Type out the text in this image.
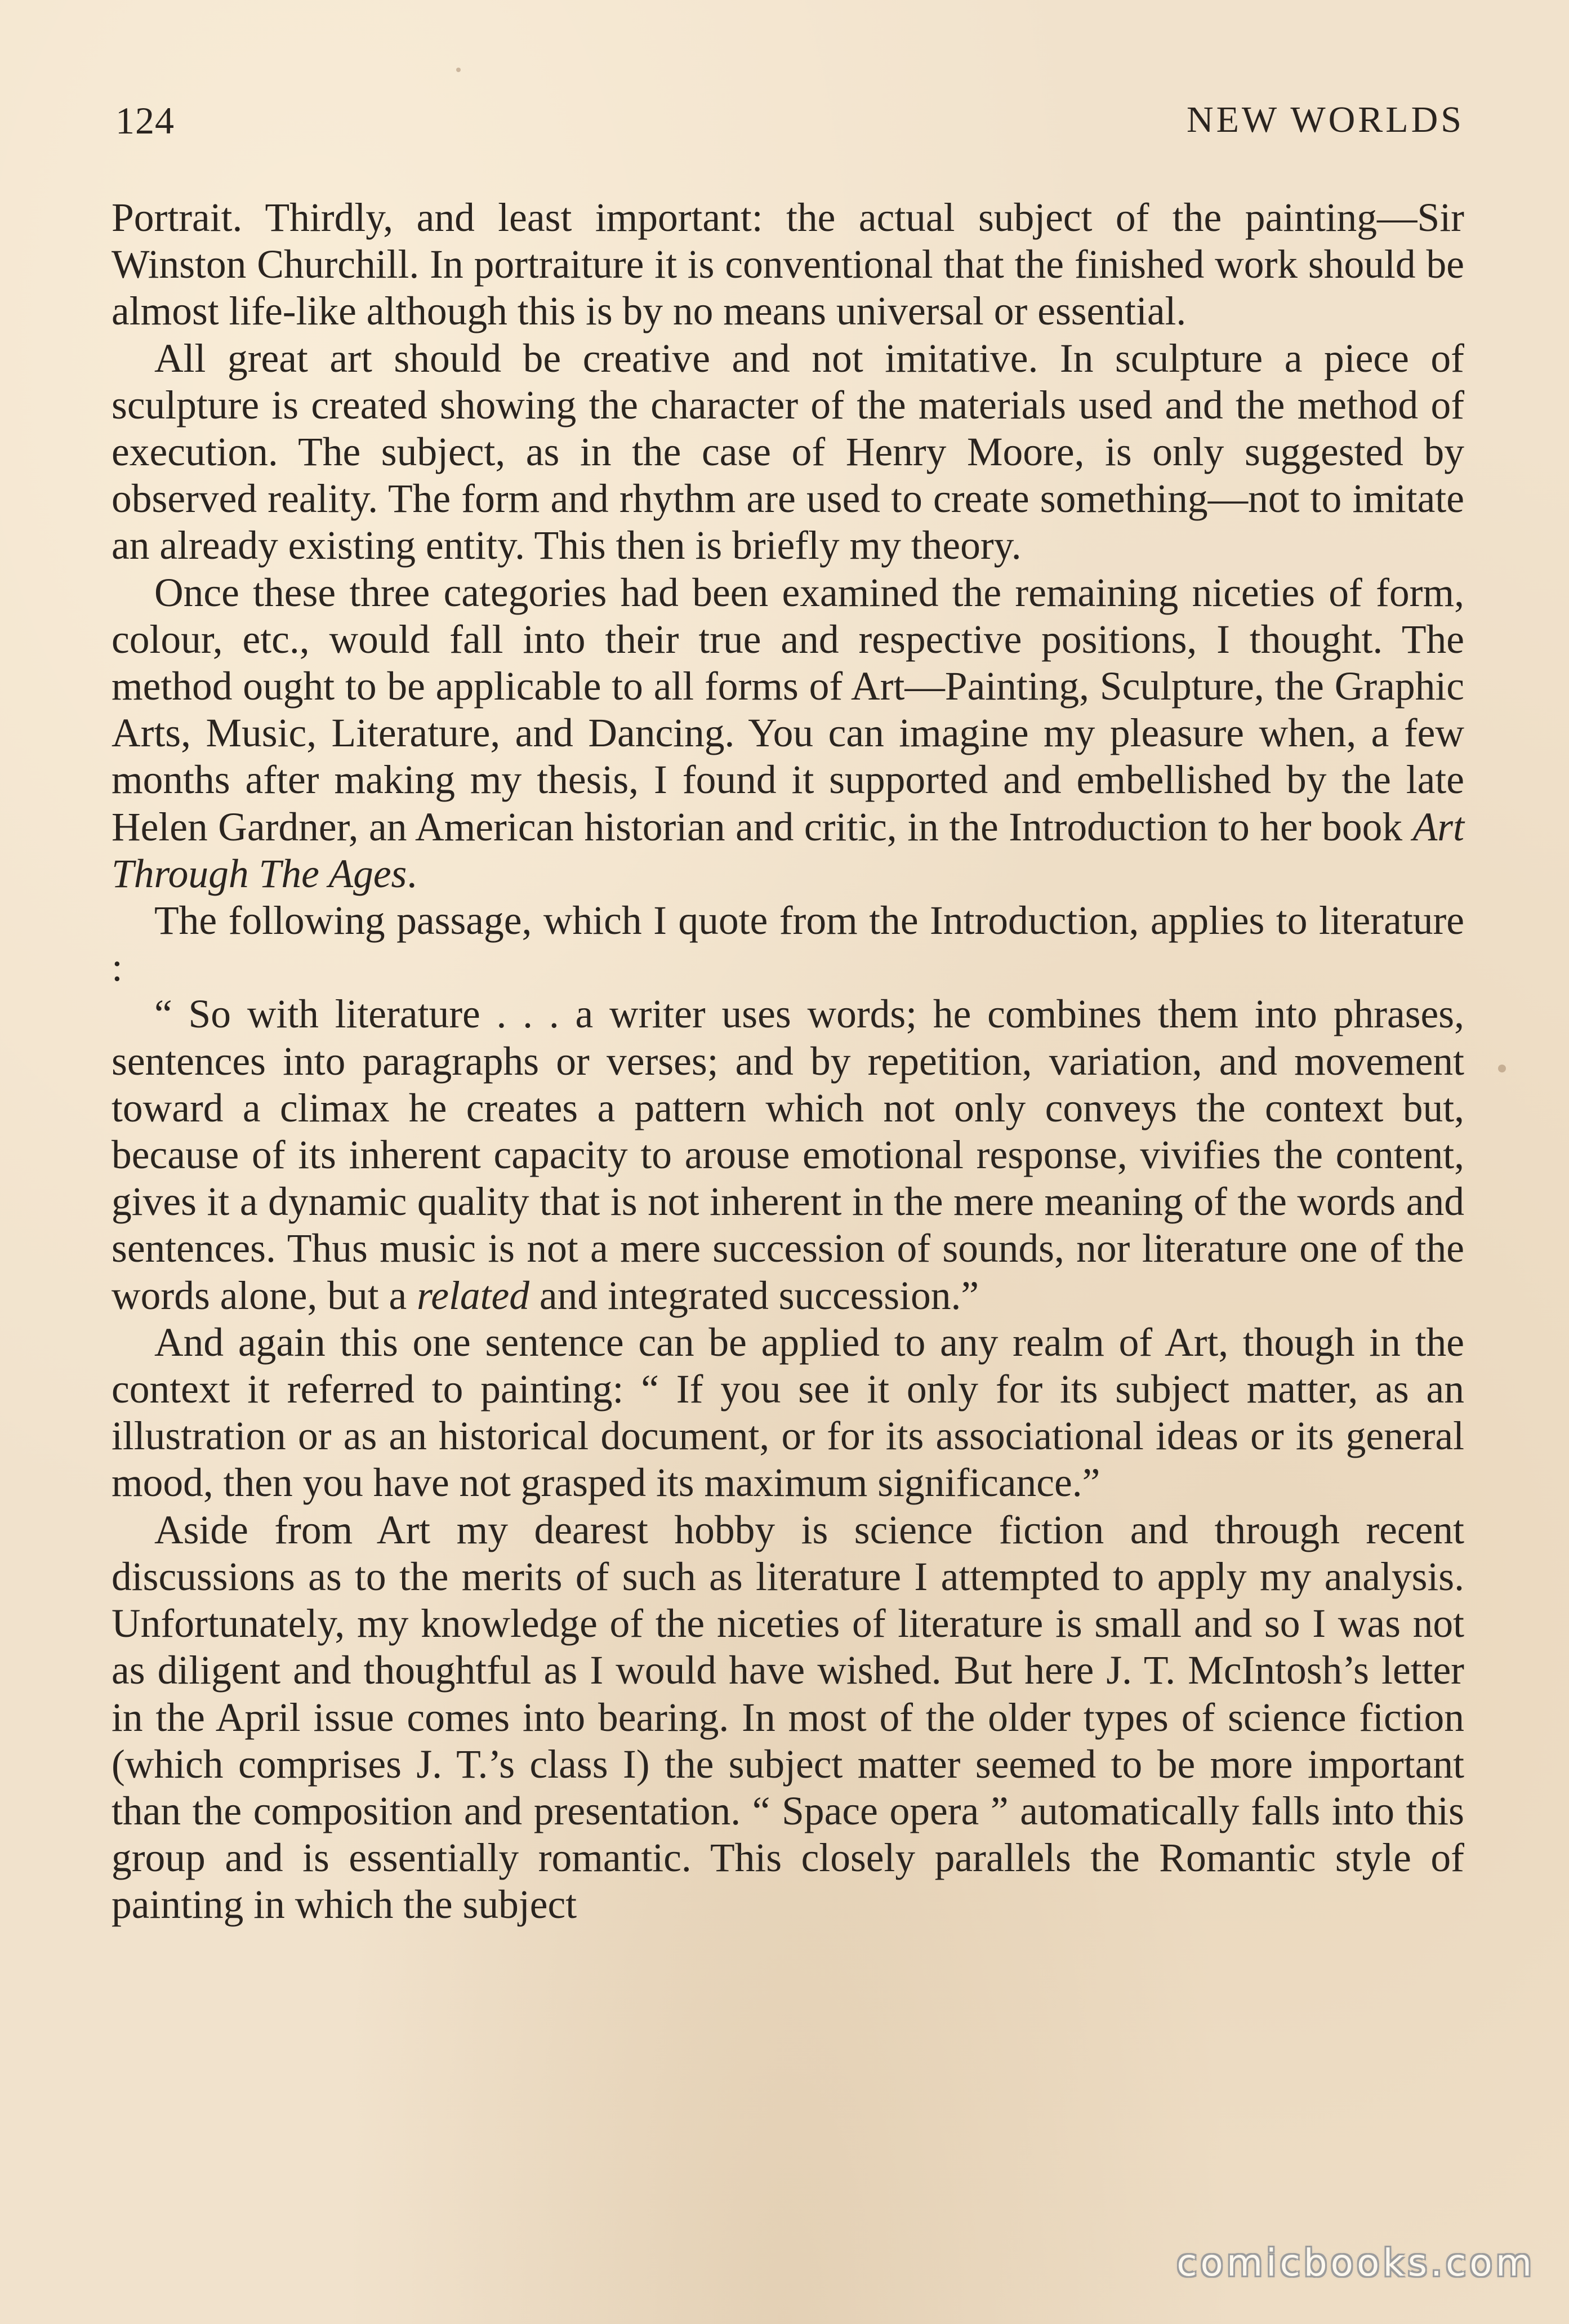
124	NEW WORLDS

Portrait. Thirdly, and least important: the actual subject of the painting—Sir Winston Churchill. In portraiture it is conventional that the finished work should be almost life-like although this is by no means universal or essential.

All great art should be creative and not imitative. In sculpture a piece of sculpture is created showing the character of the materials used and the method of execution. The subject, as in the case of Henry Moore, is only suggested by observed reality. The form and rhythm are used to create something—not to imitate an already existing entity. This then is briefly my theory.

Once these three categories had been examined the remaining niceties of form, colour, etc., would fall into their true and respective positions, I thought. The method ought to be applicable to all forms of Art—Painting, Sculpture, the Graphic Arts, Music, Literature, and Dancing. You can imagine my pleasure when, a few months after making my thesis, I found it supported and embellished by the late Helen Gardner, an American historian and critic, in the Introduction to her book Art Through The Ages.

The following passage, which I quote from the Introduction, applies to literature :

“ So with literature . . . a writer uses words; he combines them into phrases, sentences into paragraphs or verses; and by repetition, variation, and movement toward a climax he creates a pattern which not only conveys the context but, because of its inherent capacity to arouse emotional response, vivifies the content, gives it a dynamic quality that is not inherent in the mere meaning of the words and sentences. Thus music is not a mere succession of sounds, nor literature one of the words alone, but a related and integrated succession.”

And again this one sentence can be applied to any realm of Art, though in the context it referred to painting: “ If you see it only for its subject matter, as an illustration or as an historical document, or for its associational ideas or its general mood, then you have not grasped its maximum significance.”

Aside from Art my dearest hobby is science fiction and through recent discussions as to the merits of such as literature I attempted to apply my analysis. Unfortunately, my knowledge of the niceties of literature is small and so I was not as diligent and thoughtful as I would have wished. But here J. T. McIntosh’s letter in the April issue comes into bearing. In most of the older types of science fiction (which comprises J. T.’s class I) the subject matter seemed to be more important than the composition and presentation. “ Space opera ” automatically falls into this group and is essentially romantic. This closely parallels the Romantic style of painting in which the subject

comicbooks.com
